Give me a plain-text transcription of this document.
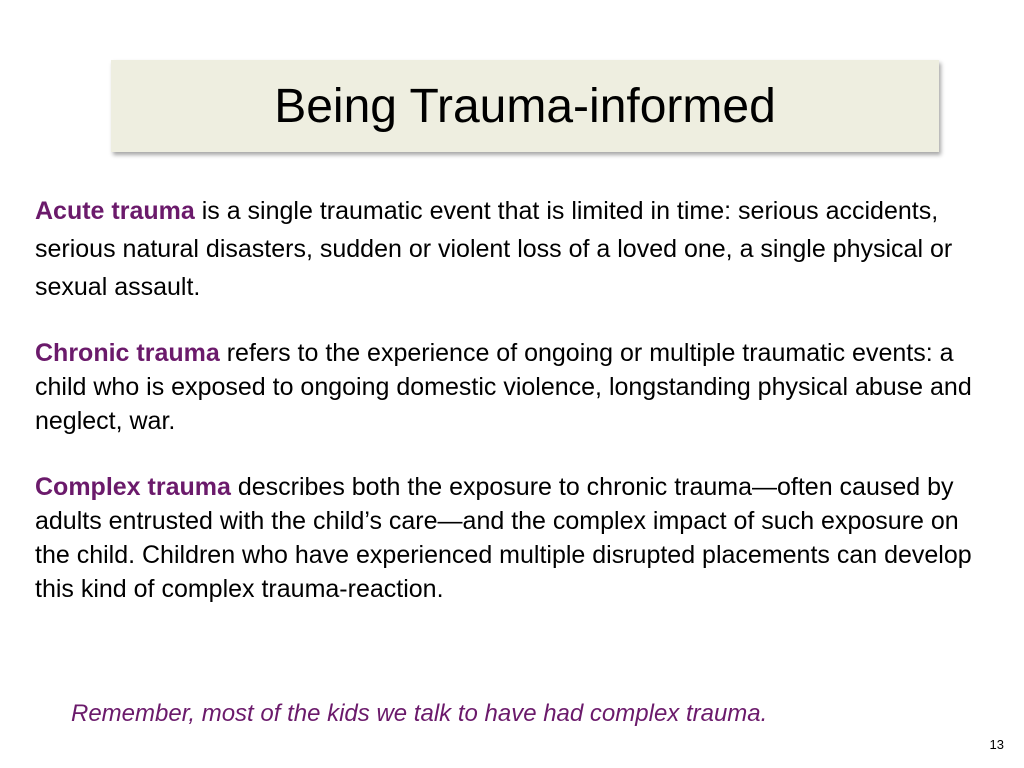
Being Trauma-informed
Acute trauma is a single traumatic event that is limited in time: serious accidents, serious natural disasters, sudden or violent loss of a loved one, a single physical or sexual assault.
Chronic trauma refers to the experience of ongoing or multiple traumatic events: a child who is exposed to ongoing domestic violence, longstanding physical abuse and neglect, war.
Complex trauma describes both the exposure to chronic trauma—often caused by adults entrusted with the child’s care—and the complex impact of such exposure on the child. Children who have experienced multiple disrupted placements can develop this kind of complex trauma-reaction.
Remember, most of the kids we talk to have had complex trauma.
13
